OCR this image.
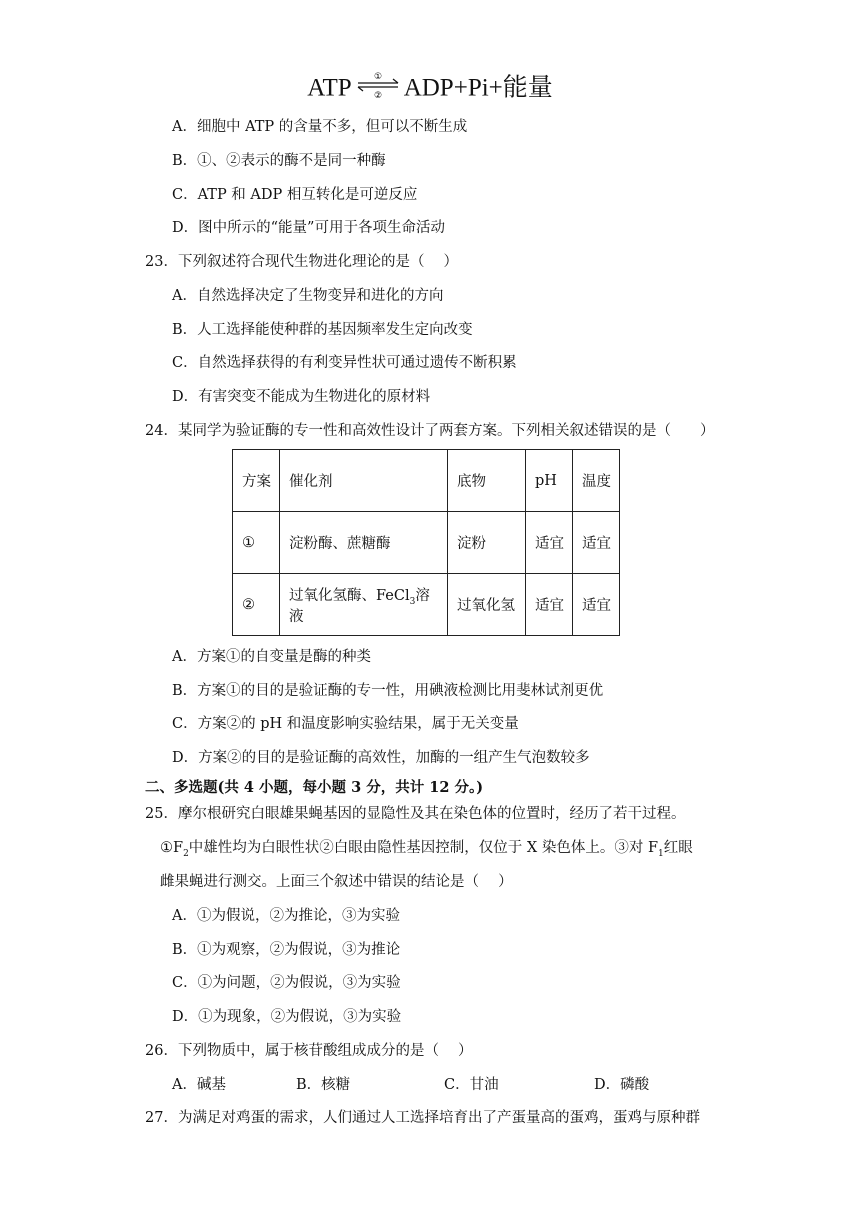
ATP ①
② ADP+Pi+能量
A．细胞中 ATP 的含量不多，但可以不断生成
B．①、②表示的酶不是同一种酶
C．ATP 和 ADP 相互转化是可逆反应
D．图中所示的“能量”可用于各项生命活动
23．下列叙述符合现代生物进化理论的是（　 ）
A．自然选择决定了生物变异和进化的方向
B．人工选择能使种群的基因频率发生定向改变
C．自然选择获得的有利变异性状可通过遗传不断积累
D．有害突变不能成为生物进化的原材料
24．某同学为验证酶的专一性和高效性设计了两套方案。下列相关叙述错误的是（　　）
方案	催化剂	底物	pH	温度
①	淀粉酶、蔗糖酶	淀粉	适宜	适宜
②	过氧化氢酶、FeCl$_3$溶液	过氧化氢	适宜	适宜
A．方案①的自变量是酶的种类
B．方案①的目的是验证酶的专一性，用碘液检测比用斐林试剂更优
C．方案②的 pH 和温度影响实验结果，属于无关变量
D．方案②的目的是验证酶的高效性，加酶的一组产生气泡数较多
二、多选题(共 4 小题，每小题 3 分，共计 12 分。)
25．摩尔根研究白眼雄果蝇基因的显隐性及其在染色体的位置时，经历了若干过程。
$①F_2$中雄性均为白眼性状②白眼由隐性基因控制，仅位于 X 染色体上。③对 $F_1$红眼
雌果蝇进行测交。上面三个叙述中错误的结论是（　 ）
A．①为假说，②为推论，③为实验
B．①为观察，②为假说，③为推论
C．①为问题，②为假说，③为实验
D．①为现象，②为假说，③为实验
26．下列物质中，属于核苷酸组成成分的是（　 ）
A．碱基	B．核糖	C．甘油	D．磷酸
27．为满足对鸡蛋的需求，人们通过人工选择培育出了产蛋量高的蛋鸡，蛋鸡与原种群
